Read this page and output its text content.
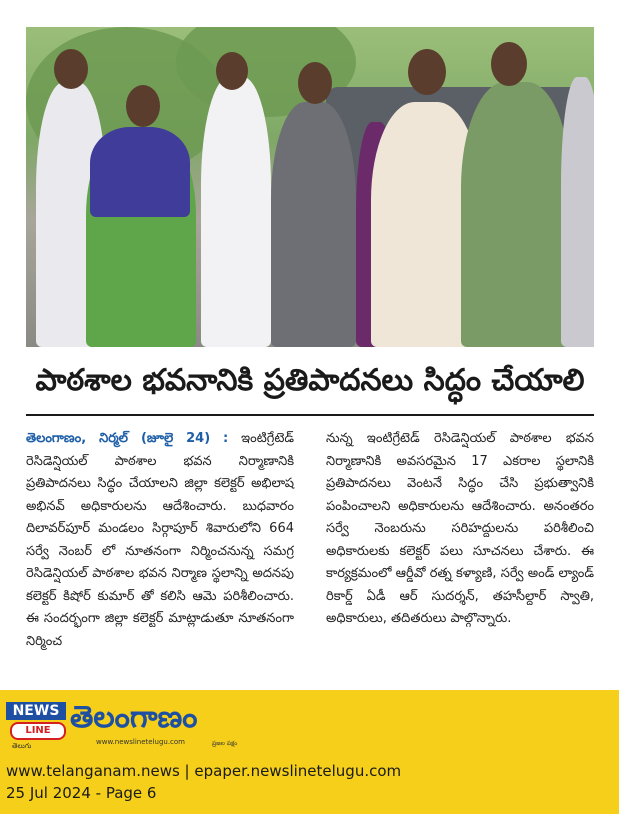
పాఠశాల భవనానికి ప్రతిపాదనలు సిద్ధం చేయాలి
తెలంగాణం, నిర్మల్ (జూలై 24) : ఇంటిగ్రేటెడ్ రెసిడెన్షియల్ పాఠశాల భవన నిర్మాణానికి ప్రతిపాదనలు సిద్ధం చేయాలని జిల్లా కలెక్టర్ అభిలాష అభినవ్ అధికారులను ఆదేశించారు. బుధవారం దిలావర్‌పూర్ మండలం సిర్గాపూర్ శివారులోని 664 సర్వే నెంబర్ లో నూతనంగా నిర్మించనున్న సమగ్ర రెసిడెన్షియల్ పాఠశాల భవన నిర్మాణ స్థలాన్ని అదనపు కలెక్టర్ కిషోర్ కుమార్ తో కలిసి ఆమె పరిశీలించారు. ఈ సందర్భంగా జిల్లా కలెక్టర్ మాట్లాడుతూ నూతనంగా నిర్మించ
నున్న ఇంటిగ్రేటెడ్ రెసిడెన్షియల్ పాఠశాల భవన నిర్మాణానికి అవసరమైన 17 ఎకరాల స్థలానికి ప్రతిపాదనలు వెంటనే సిద్ధం చేసి ప్రభుత్వానికి పంపించాలని అధికారులను ఆదేశించారు. అనంతరం సర్వే నెంబరును సరిహద్దులను పరిశీలించి అధికారులకు కలెక్టర్ పలు సూచనలు చేశారు. ఈ కార్యక్రమంలో ఆర్డీవో రత్న కళ్యాణి, సర్వే అండ్ ల్యాండ్ రికార్డ్ ఏడీ ఆర్ సుదర్శన్, తహసీల్దార్ స్వాతి, అధికారులు, తదితరులు పాల్గొన్నారు.
NEWS
LINE
తెలుగు
తెలంగాణం
www.newslinetelugu.com	ప్రజల పక్షం
www.telanganam.news | epaper.newslinetelugu.com
25 Jul 2024 - Page 6
